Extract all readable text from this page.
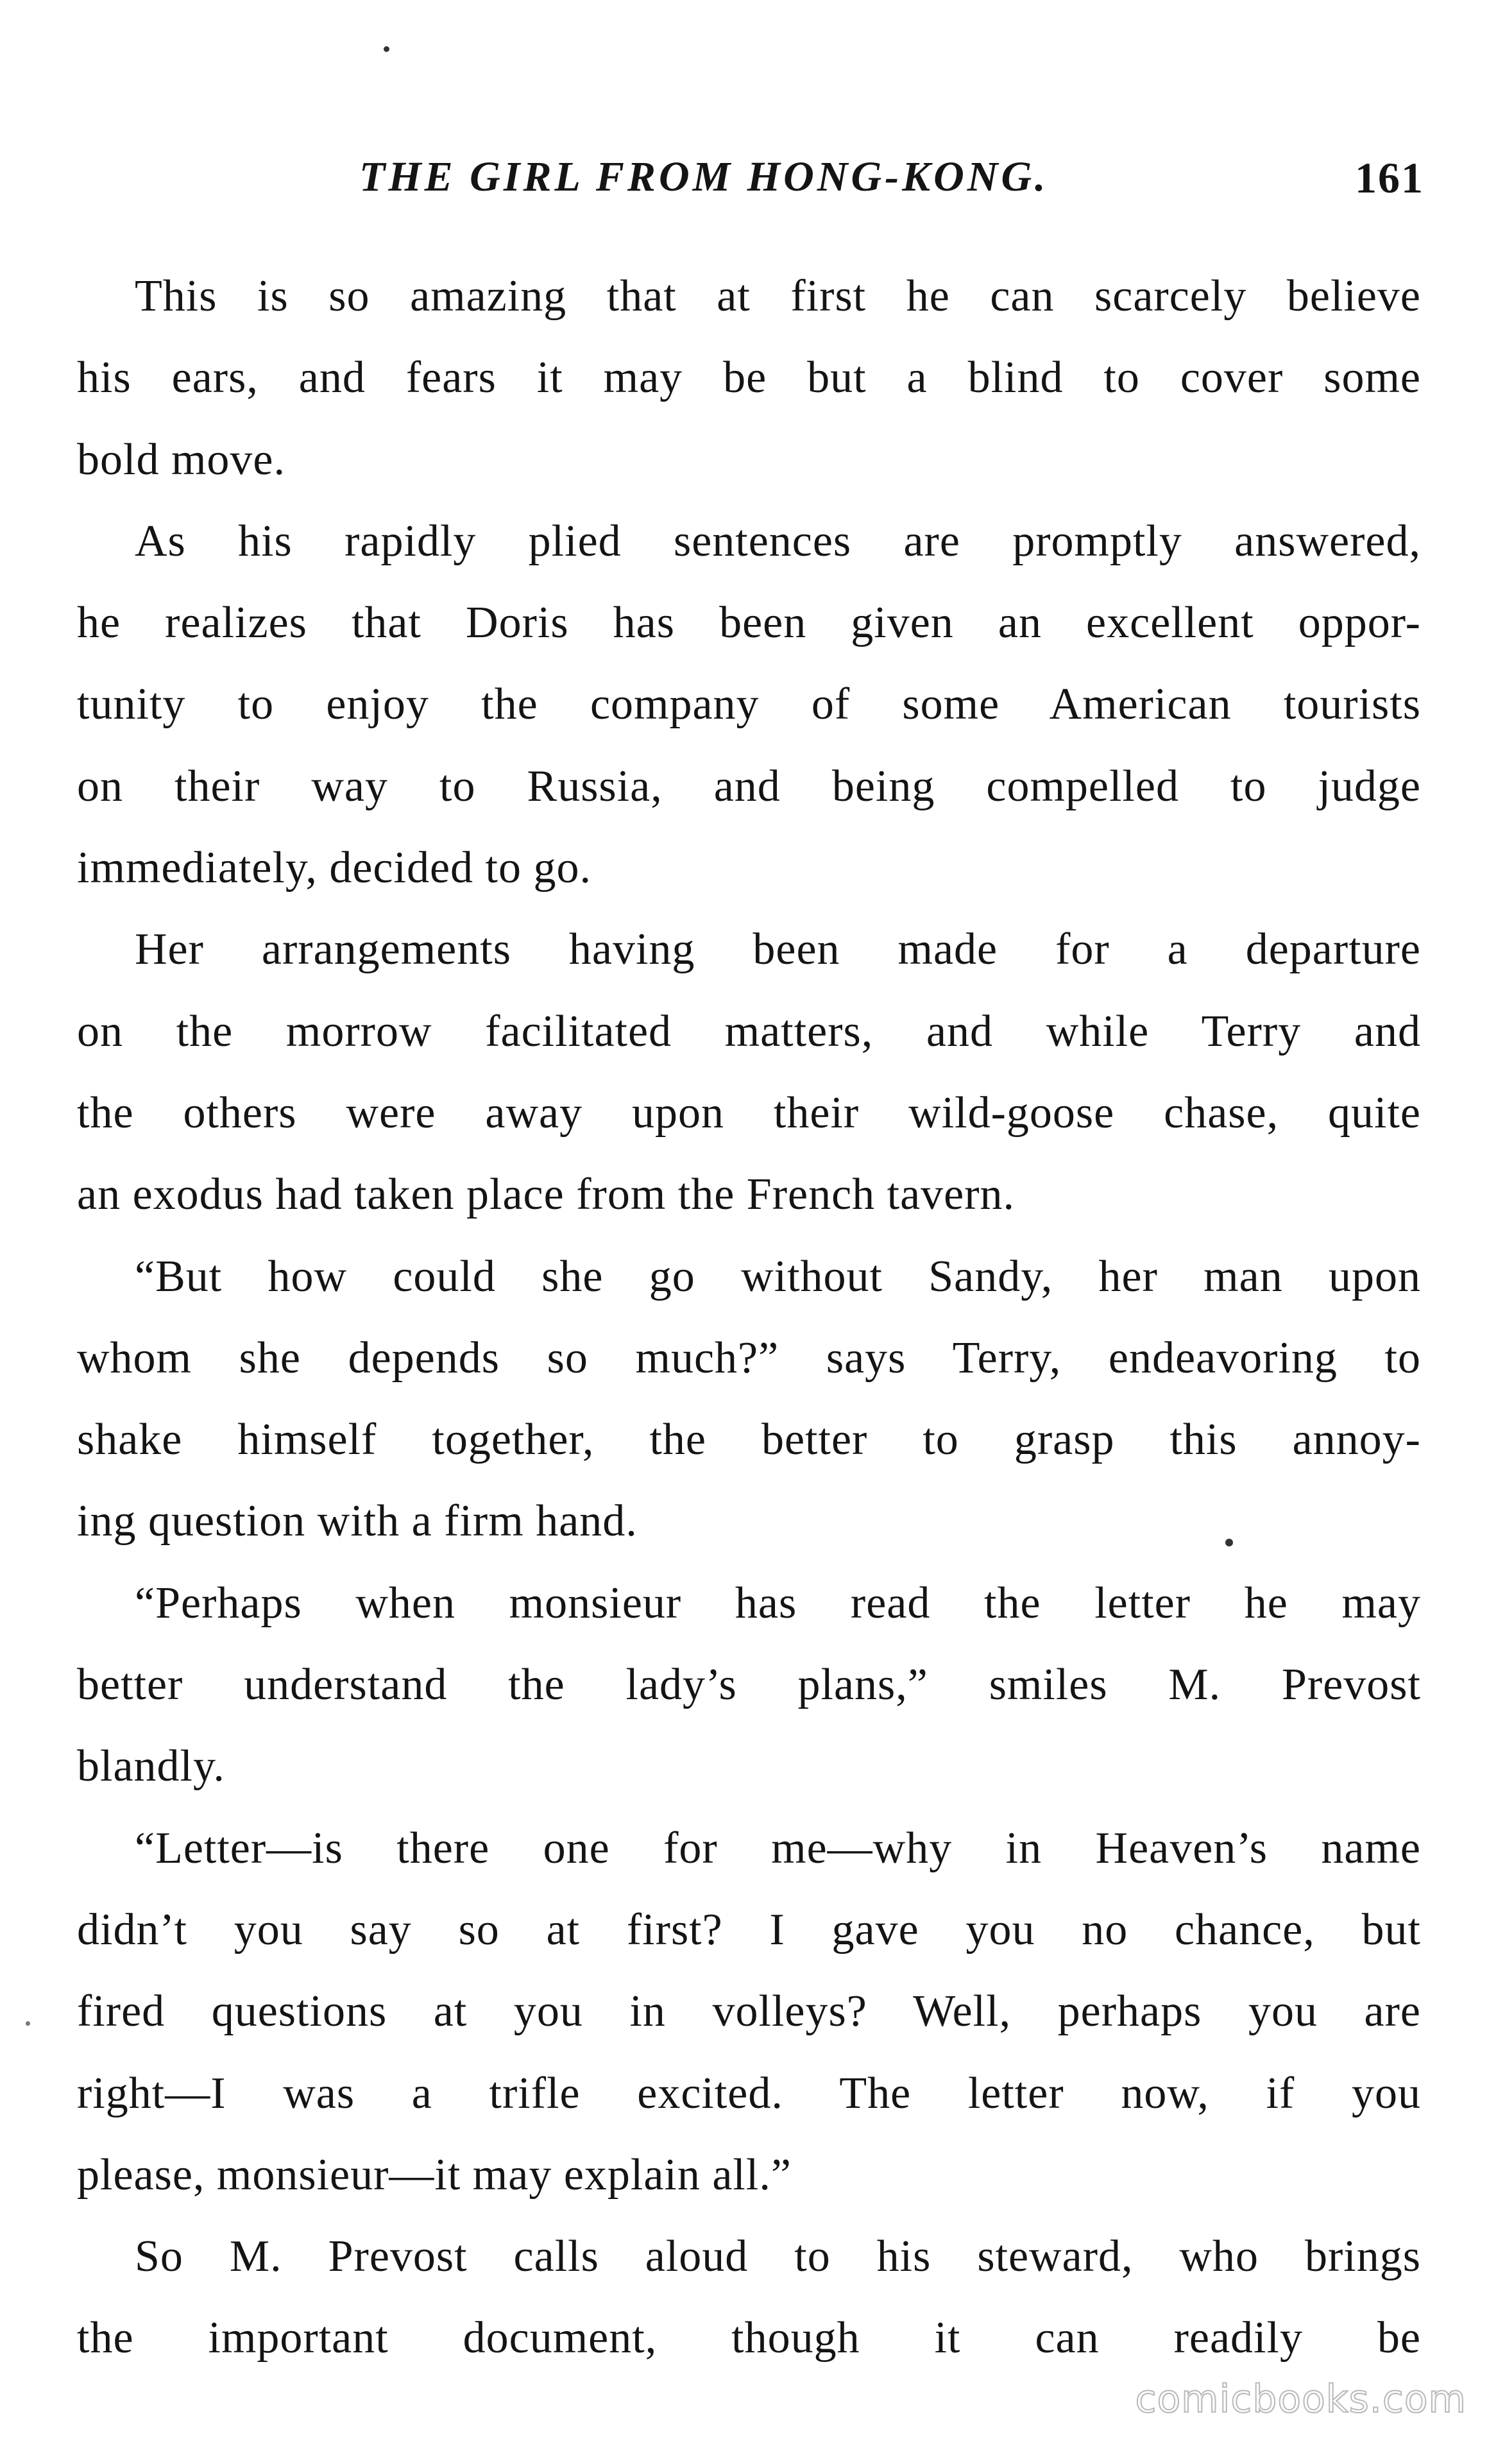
THE GIRL FROM HONG-KONG.	161
This is so amazing that at first he can scarcely believe
his ears, and fears it may be but a blind to cover some
bold move.
As his rapidly plied sentences are promptly answered,
he realizes that Doris has been given an excellent oppor-
tunity to enjoy the company of some American tourists
on their way to Russia, and being compelled to judge
immediately, decided to go.
Her arrangements having been made for a departure
on the morrow facilitated matters, and while Terry and
the others were away upon their wild-goose chase, quite
an exodus had taken place from the French tavern.
“But how could she go without Sandy, her man upon
whom she depends so much?” says Terry, endeavoring to
shake himself together, the better to grasp this annoy-
ing question with a firm hand.
“Perhaps when monsieur has read the letter he may
better understand the lady’s plans,” smiles M. Prevost
blandly.
“Letter—is there one for me—why in Heaven’s name
didn’t you say so at first? I gave you no chance, but
fired questions at you in volleys? Well, perhaps you are
right—I was a trifle excited. The letter now, if you
please, monsieur—it may explain all.”
So M. Prevost calls aloud to his steward, who brings
the important document, though it can readily be
comicbooks.com
